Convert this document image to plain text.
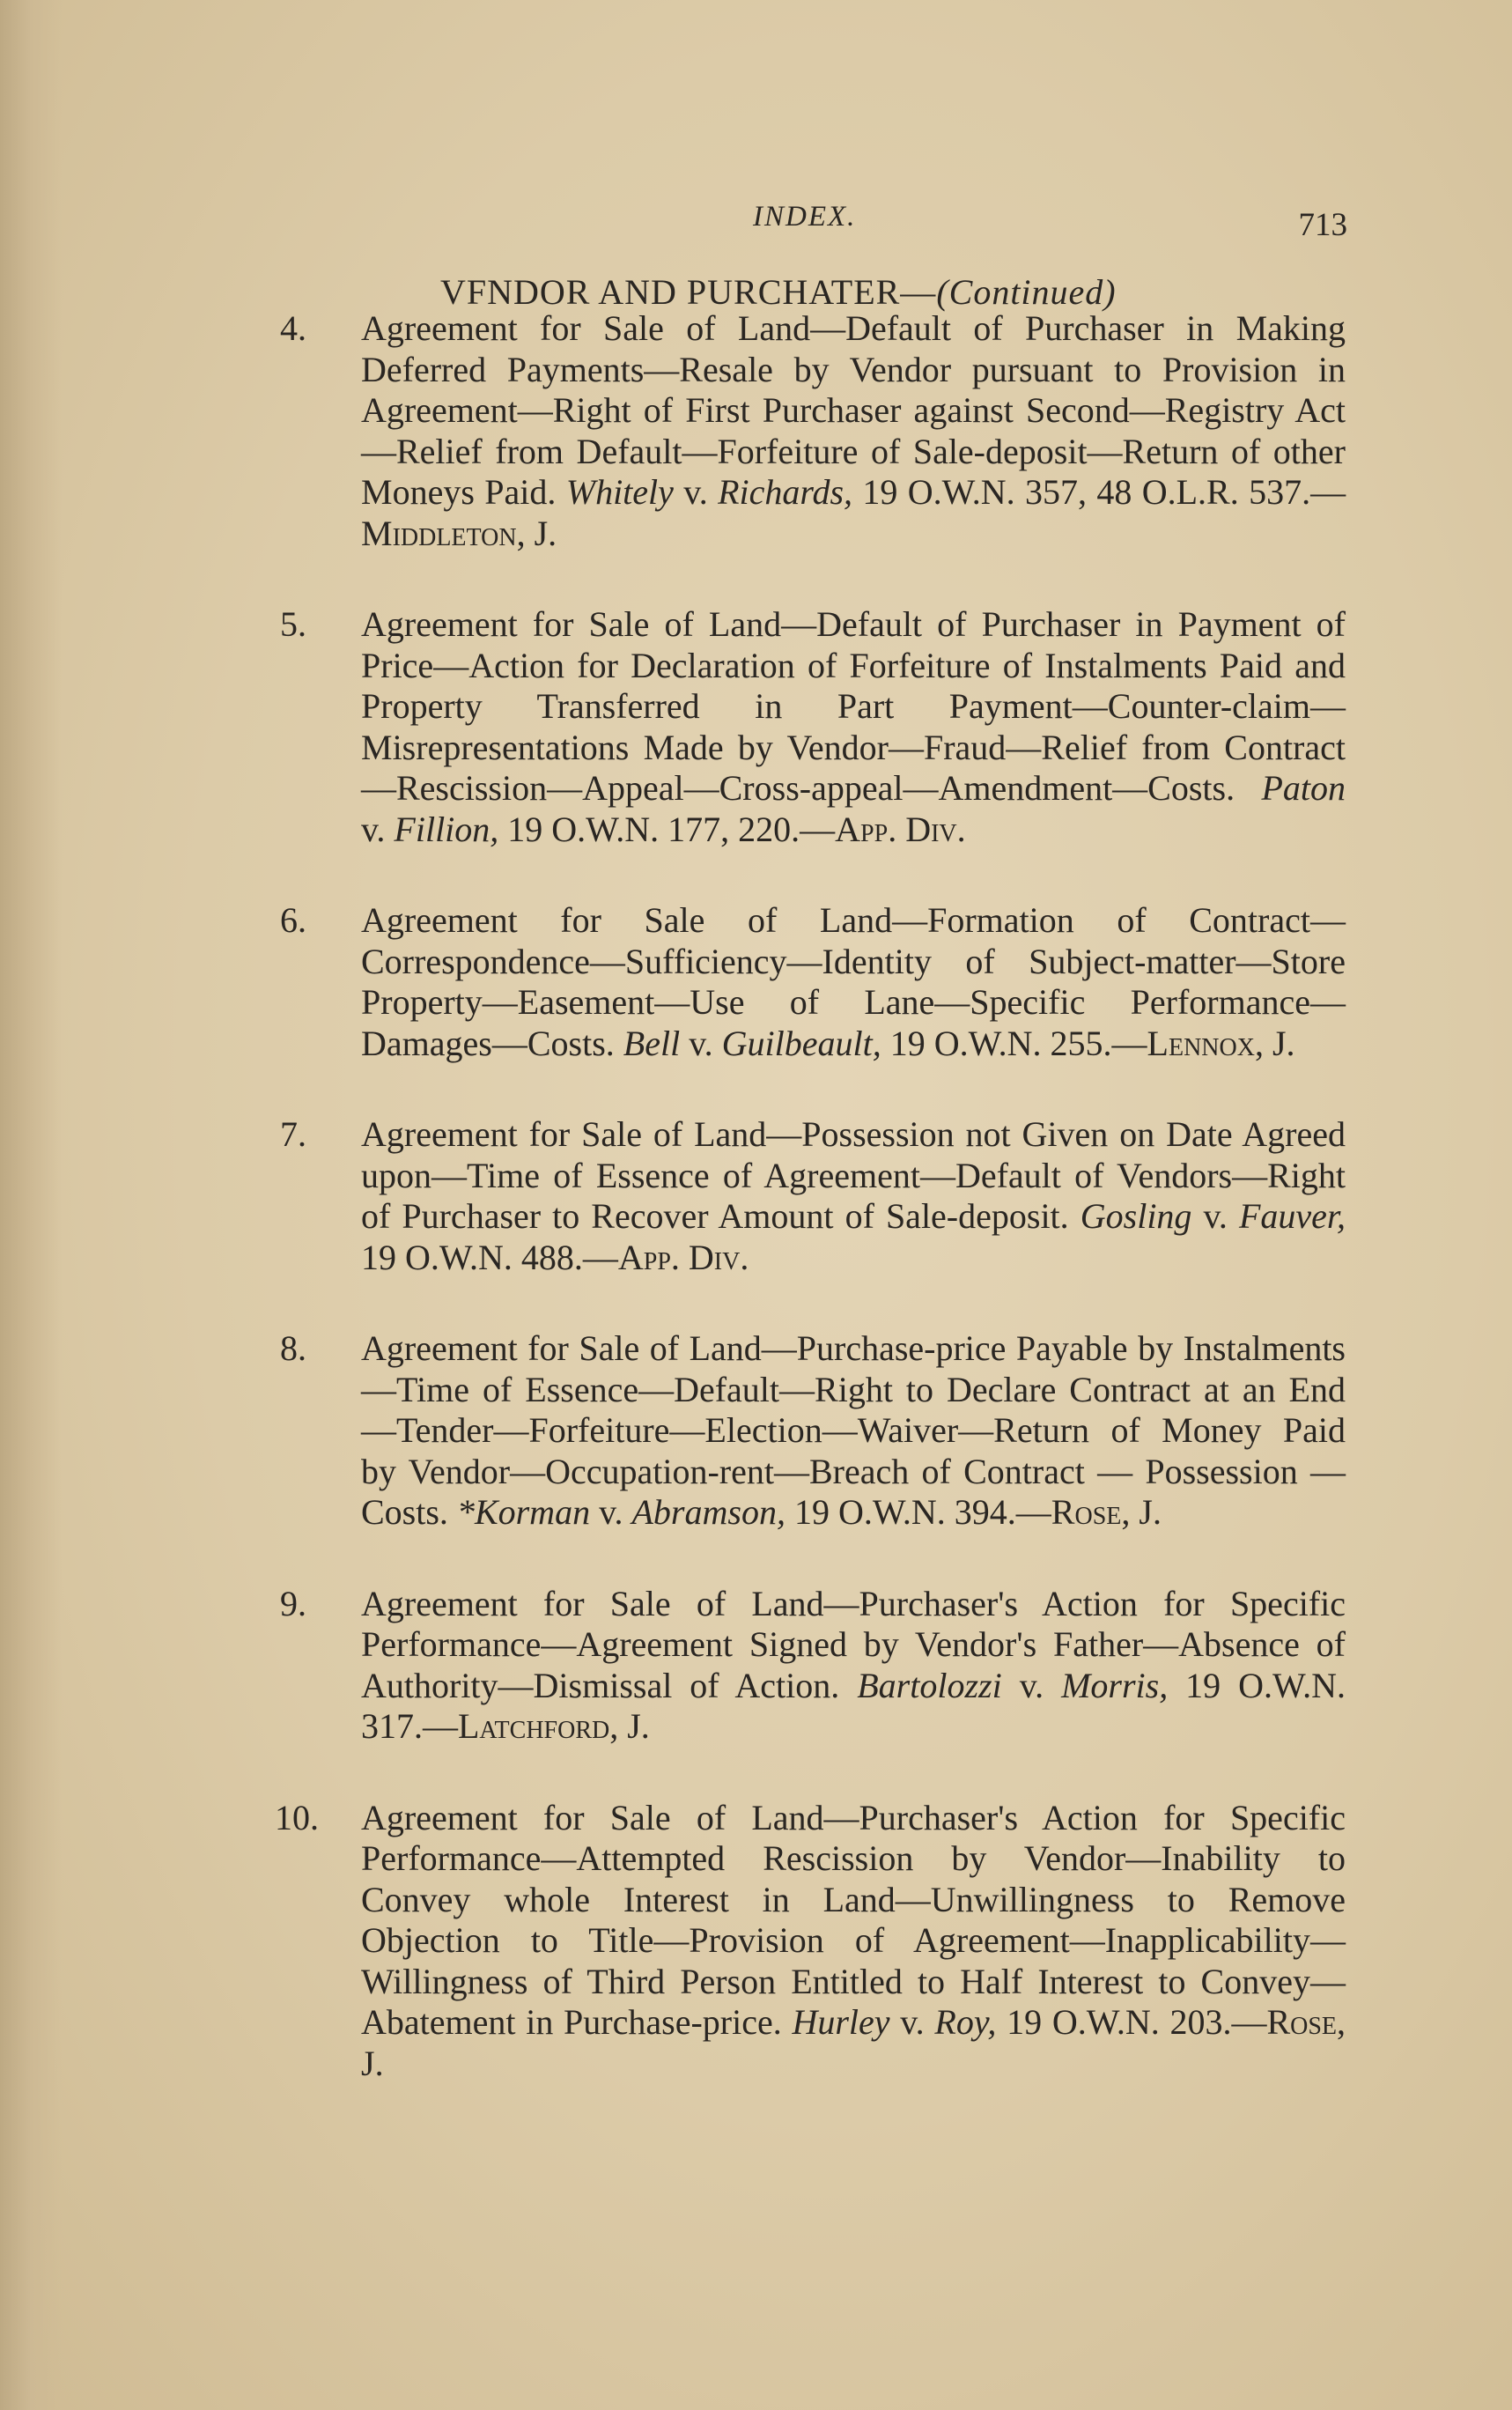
INDEX.	713
VFNDOR AND PURCHATER—(Continued)
4.	Agreement for Sale of Land—Default of Purchaser in Making Deferred Payments—Resale by Vendor pursuant to Provision in Agreement—Right of First Purchaser against Second—Registry Act—Relief from Default—Forfeiture of Sale-deposit—Return of other Moneys Paid. Whitely v. Richards, 19 O.W.N. 357, 48 O.L.R. 537.—Middleton, J.
5.	Agreement for Sale of Land—Default of Purchaser in Payment of Price—Action for Declaration of Forfeiture of Instalments Paid and Property Transferred in Part Payment—Counter-claim—Misrepresentations Made by Vendor—Fraud—Relief from Contract—Rescission—Appeal—Cross-appeal—Amendment—Costs. Paton v. Fillion, 19 O.W.N. 177, 220.—App. Div.
6.	Agreement for Sale of Land—Formation of Contract—Correspondence—Sufficiency—Identity of Subject-matter—Store Property—Easement—Use of Lane—Specific Performance—Damages—Costs. Bell v. Guilbeault, 19 O.W.N. 255.—Lennox, J.
7.	Agreement for Sale of Land—Possession not Given on Date Agreed upon—Time of Essence of Agreement—Default of Vendors—Right of Purchaser to Recover Amount of Sale-deposit. Gosling v. Fauver, 19 O.W.N. 488.—App. Div.
8.	Agreement for Sale of Land—Purchase-price Payable by Instalments—Time of Essence—Default—Right to Declare Contract at an End—Tender—Forfeiture—Election—Waiver—Return of Money Paid by Vendor—Occupation-rent—Breach of Contract — Possession — Costs. *Korman v. Abramson, 19 O.W.N. 394.—Rose, J.
9.	Agreement for Sale of Land—Purchaser's Action for Specific Performance—Agreement Signed by Vendor's Father—Absence of Authority—Dismissal of Action. Bartolozzi v. Morris, 19 O.W.N. 317.—Latchford, J.
10.	Agreement for Sale of Land—Purchaser's Action for Specific Performance—Attempted Rescission by Vendor—Inability to Convey whole Interest in Land—Unwillingness to Remove Objection to Title—Provision of Agreement—Inapplicability—Willingness of Third Person Entitled to Half Interest to Convey—Abatement in Purchase-price. Hurley v. Roy, 19 O.W.N. 203.—Rose, J.
